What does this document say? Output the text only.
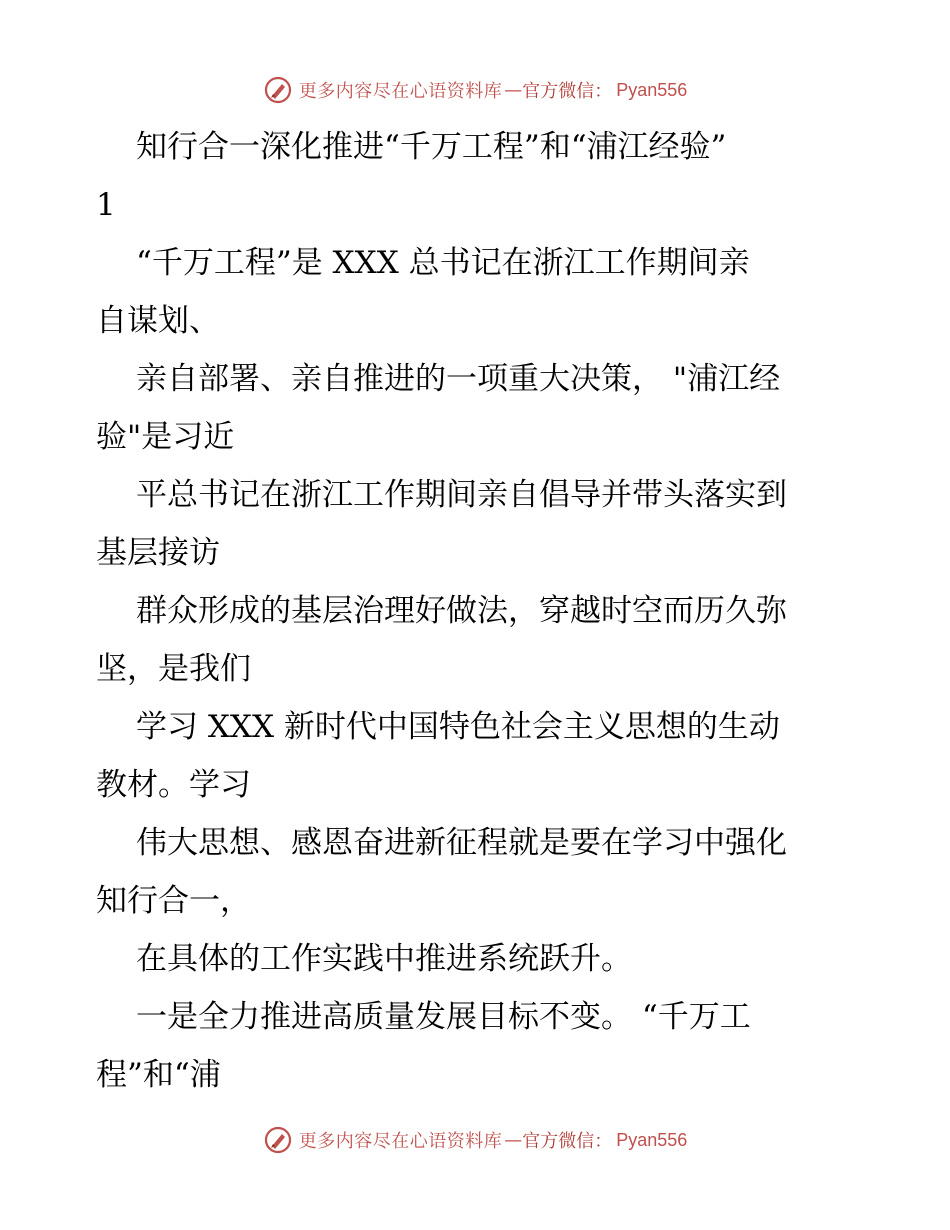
更多内容尽在心语资料库 — 官方微信 ： Pyan556
知行合一深化推进“千万工程”和“浦江经验”
1
“千万工程”是 XXX 总书记在浙江工作期间亲
自谋划、
亲自部署、亲自推进的一项重大决策， "浦江经
验"是习近
平总书记在浙江工作期间亲自倡导并带头落实到
基层接访
群众形成的基层治理好做法，穿越时空而历久弥
坚，是我们
学习 XXX 新时代中国特色社会主义思想的生动
教材。学习
伟大思想、感恩奋进新征程就是要在学习中强化
知行合一，
在具体的工作实践中推进系统跃升。
一是全力推进高质量发展目标不变。 “千万工
程”和“浦
更多内容尽在心语资料库 — 官方微信 ： Pyan556
